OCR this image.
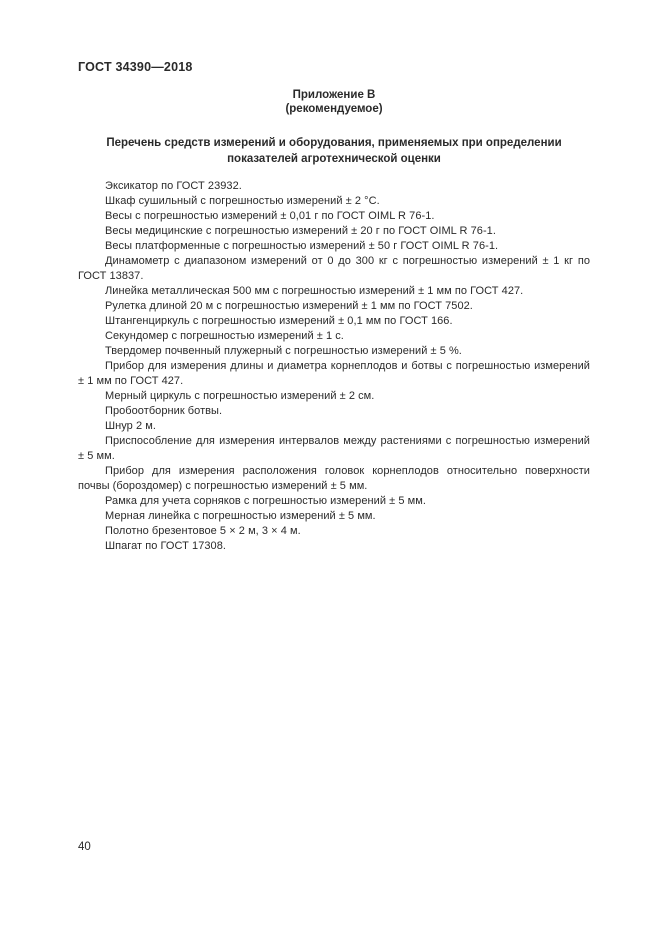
ГОСТ 34390—2018
Приложение В
(рекомендуемое)
Перечень средств измерений и оборудования, применяемых при определении показателей агротехнической оценки

Эксикатор по ГОСТ 23932.

Шкаф сушильный с погрешностью измерений ± 2 °С.

Весы с погрешностью измерений ± 0,01 г по ГОСТ OIML R 76-1.

Весы медицинские с погрешностью измерений ± 20 г по ГОСТ OIML R 76-1.

Весы платформенные с погрешностью измерений ± 50 г ГОСТ OIML R 76-1.

Динамометр с диапазоном измерений от 0 до 300 кг с погрешностью измерений ± 1 кг по ГОСТ 13837.

Линейка металлическая 500 мм с погрешностью измерений ± 1 мм по ГОСТ 427.

Рулетка длиной 20 м с погрешностью измерений ± 1 мм по ГОСТ 7502.

Штангенциркуль с погрешностью измерений ± 0,1 мм по ГОСТ 166.

Секундомер с погрешностью измерений ± 1 с.

Твердомер почвенный плужерный с погрешностью измерений ± 5 %.

Прибор для измерения длины и диаметра корнеплодов и ботвы с погрешностью измерений ± 1 мм по ГОСТ 427.

Мерный циркуль с погрешностью измерений ± 2 см.

Пробоотборник ботвы.

Шнур 2 м.

Приспособление для измерения интервалов между растениями с погрешностью измерений ± 5 мм.

Прибор для измерения расположения головок корнеплодов относительно поверхности почвы (бороздомер) с погрешностью измерений ± 5 мм.

Рамка для учета сорняков с погрешностью измерений ± 5 мм.

Мерная линейка с погрешностью измерений ± 5 мм.

Полотно брезентовое 5 × 2 м, 3 × 4 м.

Шпагат по ГОСТ 17308.

40
